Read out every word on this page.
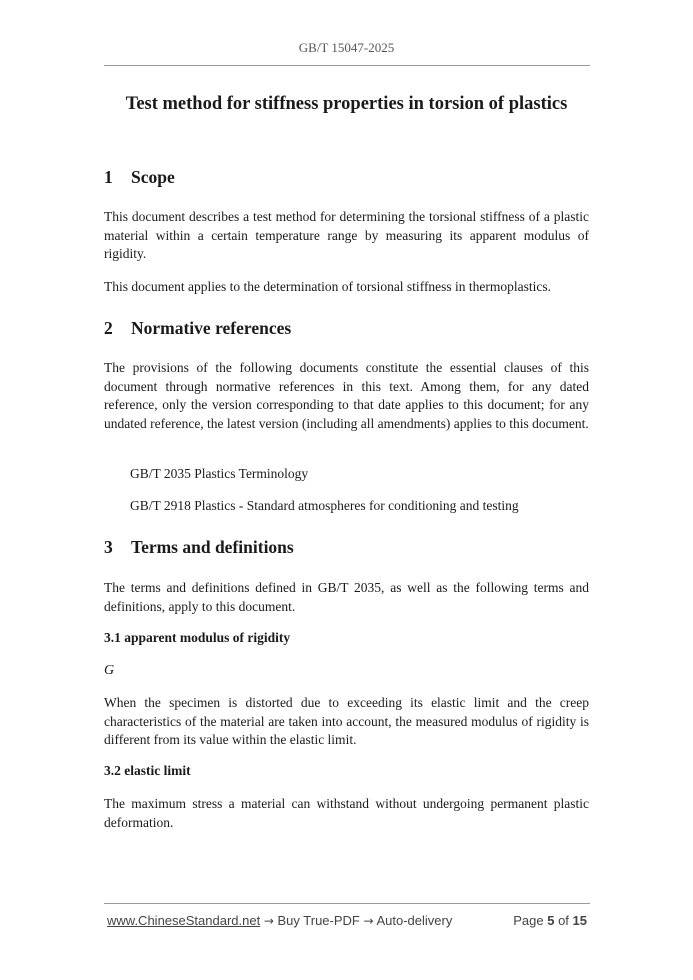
GB/T 15047-2025
Test method for stiffness properties in torsion of plastics
1 Scope

This document describes a test method for determining the torsional stiffness of a plastic material within a certain temperature range by measuring its apparent modulus of rigidity.

This document applies to the determination of torsional stiffness in thermoplastics.

2 Normative references

The provisions of the following documents constitute the essential clauses of this document through normative references in this text. Among them, for any dated reference, only the version corresponding to that date applies to this document; for any undated reference, the latest version (including all amendments) applies to this document.

GB/T 2035 Plastics Terminology

GB/T 2918 Plastics - Standard atmospheres for conditioning and testing

3 Terms and definitions

The terms and definitions defined in GB/T 2035, as well as the following terms and definitions, apply to this document.

3.1 apparent modulus of rigidity

G

When the specimen is distorted due to exceeding its elastic limit and the creep characteristics of the material are taken into account, the measured modulus of rigidity is different from its value within the elastic limit.

3.2 elastic limit

The maximum stress a material can withstand without undergoing permanent plastic deformation.

www.ChineseStandard.net → Buy True-PDF → Auto-delivery	Page 5 of 15
